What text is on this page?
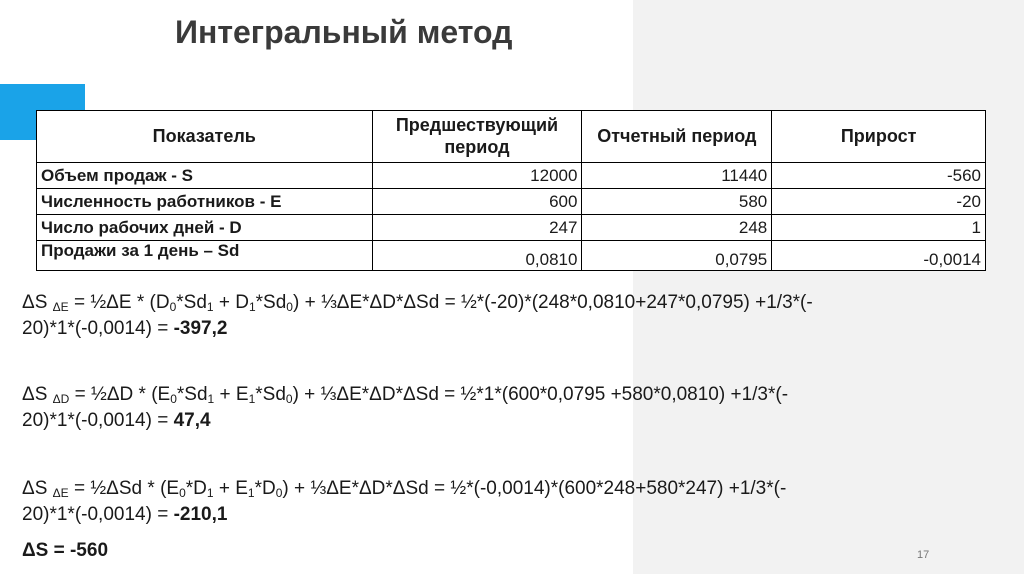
Интегральный метод
Показатель	Предшествующий период	Отчетный период	Прирост
Объем продаж - S	12000	11440	-560
Численность работников - E	600	580	-20
Число рабочих дней - D	247	248	1
Продажи за 1 день – Sd	0,0810	0,0795	-0,0014
ΔS $_{\Delta E}$ = ½ΔE * $(D_0*Sd_1 + D_1*Sd_0)$ + ⅓ΔE*ΔD*ΔSd = ½*(-20)*(248*0,0810+247*0,0795) +1/3*(-
20)*1*(-0,0014) = -397,2
ΔS $_{\Delta D}$ = ½ΔD * $(E_0*Sd_1 + E_1*Sd_0)$ + ⅓ΔE*ΔD*ΔSd = ½*1*(600*0,0795 +580*0,0810) +1/3*(-
20)*1*(-0,0014) = 47,4
ΔS $_{\Delta E}$ = ½ΔSd * $(E_0*D_1 + E_1*D_0)$ + ⅓ΔE*ΔD*ΔSd = ½*(-0,0014)*(600*248+580*247) +1/3*(-
20)*1*(-0,0014) = -210,1
ΔS = -560	17
